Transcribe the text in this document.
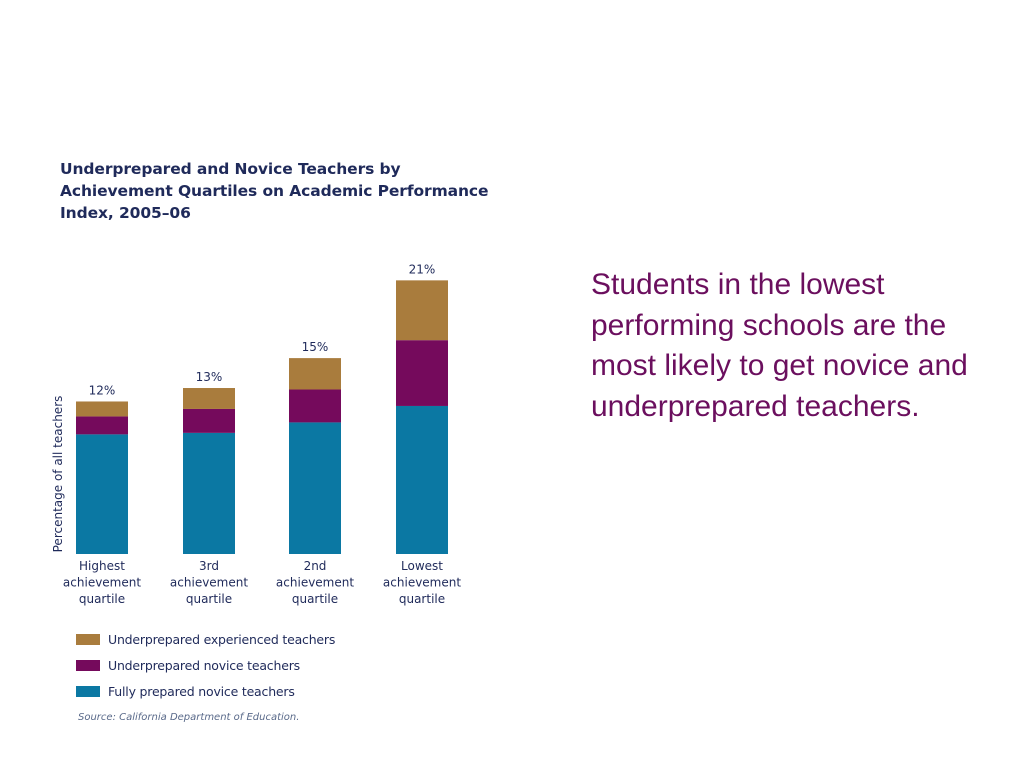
Underprepared and Novice Teachers by
Achievement Quartiles on Academic Performance
Index, 2005–06
12%
Highest
achievement
quartile
13%
3rd
achievement
quartile
15%
2nd
achievement
quartile
21%
Lowest
achievement
quartile
Percentage of all teachers
Underprepared experienced teachers
Underprepared novice teachers
Fully prepared novice teachers
Source: California Department of Education.
Students in the lowest performing schools are the most likely to get novice and underprepared teachers.
